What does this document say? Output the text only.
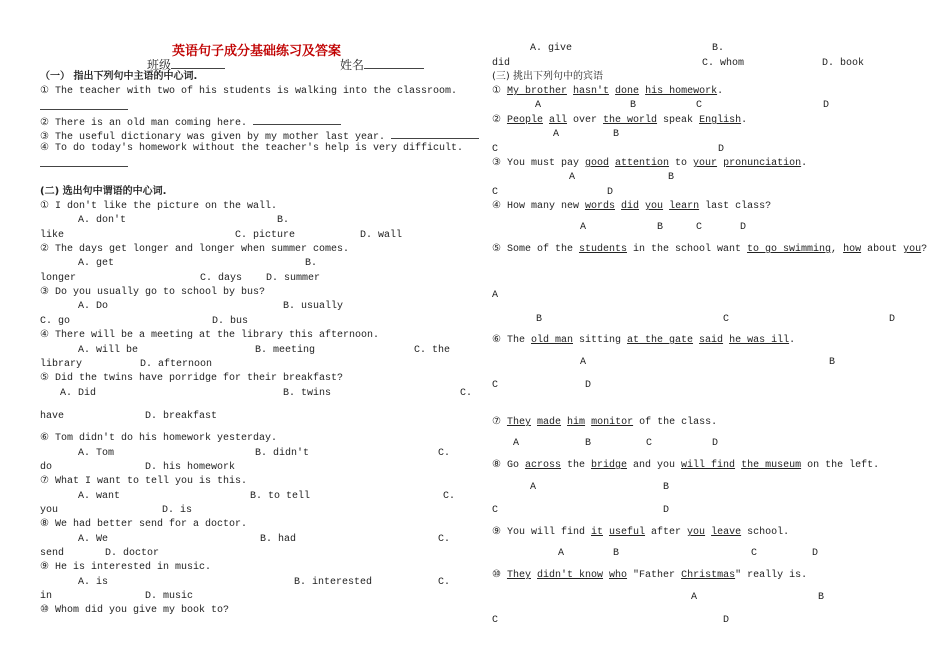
英语句子成分基础练习及答案
班级	姓名
（一） 指出下列句中主语的中心词.
① The teacher with two of his students is walking into the classroom.
② There is an old man coming here.
③ The useful dictionary was given by my mother last year.
④ To do today's homework without the teacher's help is very difficult.
(二) 选出句中谓语的中心词.
① I don't like the picture on the wall.
A. don't	B.
like	C. picture	D. wall
② The days get longer and longer when summer comes.
A. get	B.
longer	C. days D. summer
③ Do you usually go to school by bus?
A. Do	B. usually
C. go	D. bus
④ There will be a meeting at the library this afternoon.
A. will be	B. meeting	C. the
library	D. afternoon
⑤ Did the twins have porridge for their breakfast?
A. Did	B. twins	C.
have	D. breakfast
⑥ Tom didn't do his homework yesterday.
A. Tom	B. didn't	C.
do	D. his homework
⑦ What I want to tell you is this.
A. want	B. to tell	C.
you	D. is
⑧ We had better send for a doctor.
A. We	B. had	C.
send	D. doctor
⑨ He is interested in music.
A. is	B. interested	C.
in	D. music
⑩ Whom did you give my book to?
A. give	B.
did	C. whom	D. book
(三) 挑出下列句中的宾语
① My brother hasn't done his homework.
A	B	C	D
② People all over the world speak English.
A	B
C	D
③ You must pay good attention to your pronunciation.
A	B
C	D
④ How many new words did you learn last class?
A	B	C	D
⑤ Some of the students in the school want to go swimming, how about you?
A
B	C	D
⑥ The old man sitting at the gate said he was ill.
A	B
C	D
⑦ They made him monitor of the class.
A	B	C	D
⑧ Go across the bridge and you will find the museum on the left.
A	B
C	D
⑨ You will find it useful after you leave school.
A	B	C	D
⑩ They didn't know who "Father Christmas" really is.
A	B
C	D
